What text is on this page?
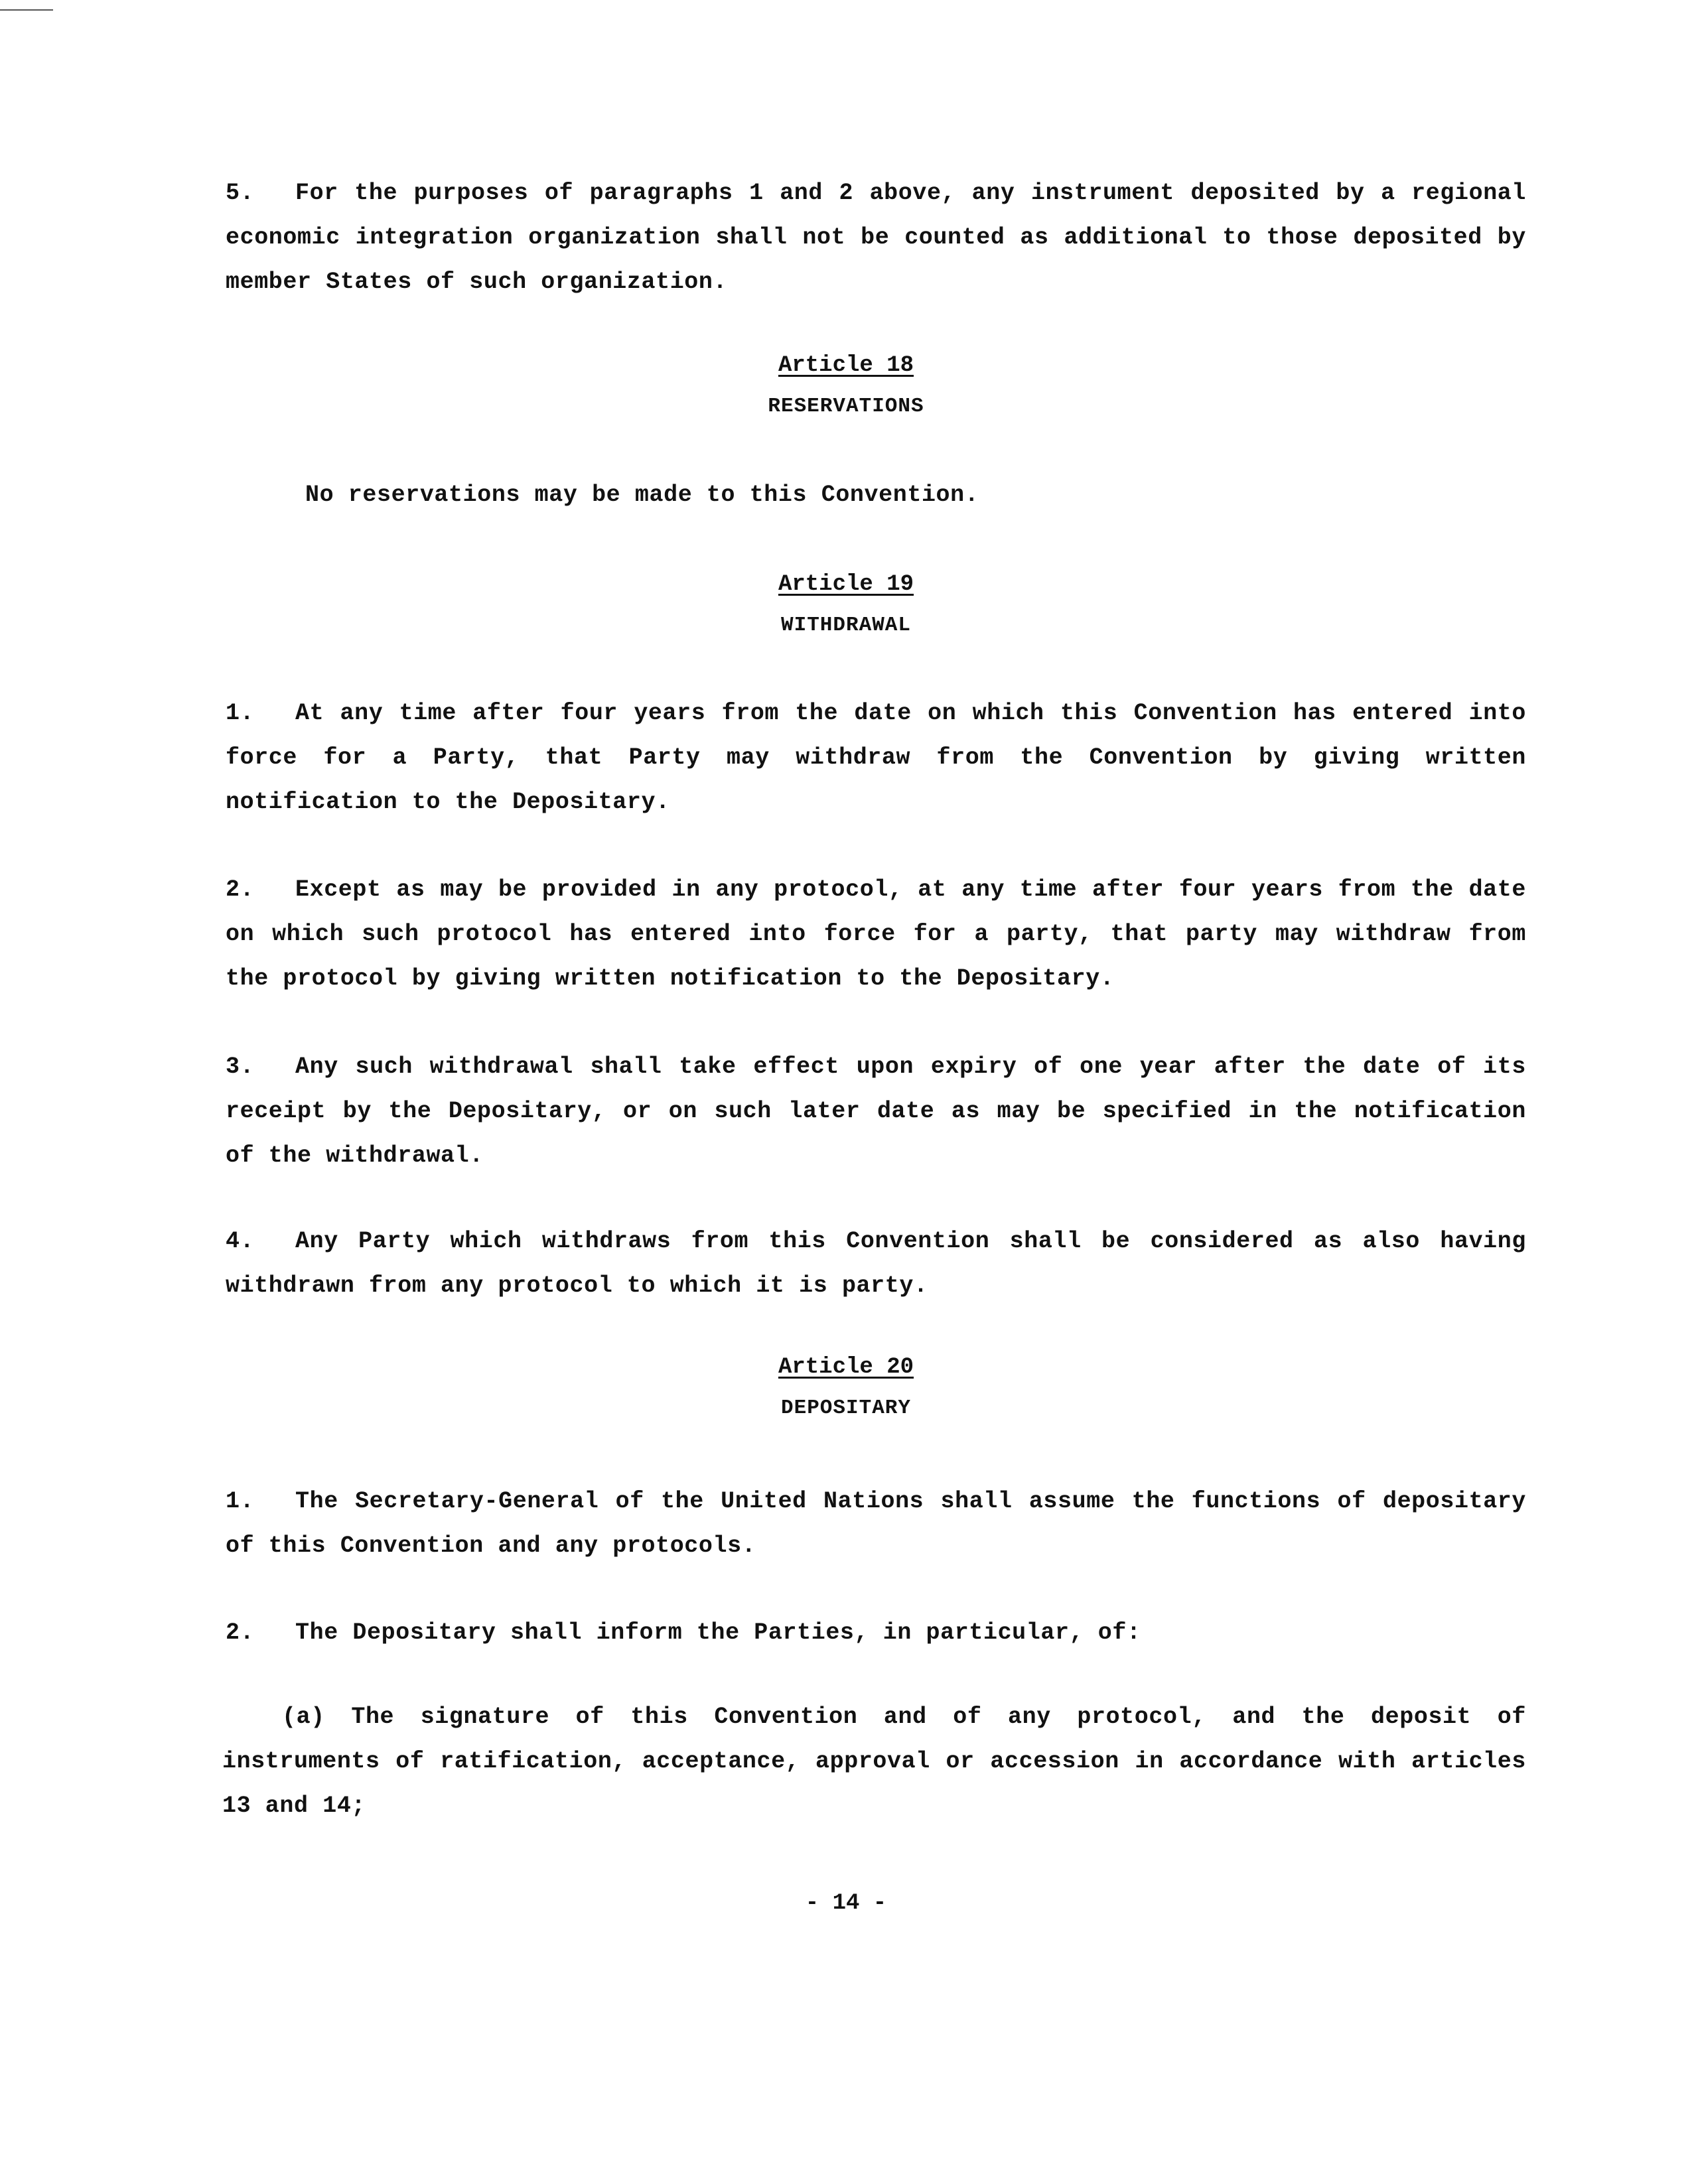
5. For the purposes of paragraphs 1 and 2 above, any instrument deposited by a regional economic integration organization shall not be counted as additional to those deposited by member States of such organization.

Article 18
RESERVATIONS

No reservations may be made to this Convention.

Article 19
WITHDRAWAL

1. At any time after four years from the date on which this Convention has entered into force for a Party, that Party may withdraw from the Convention by giving written notification to the Depositary.

2. Except as may be provided in any protocol, at any time after four years from the date on which such protocol has entered into force for a party, that party may withdraw from the protocol by giving written notification to the Depositary.

3. Any such withdrawal shall take effect upon expiry of one year after the date of its receipt by the Depositary, or on such later date as may be specified in the notification of the withdrawal.

4. Any Party which withdraws from this Convention shall be considered as also having withdrawn from any protocol to which it is party.

Article 20
DEPOSITARY

1. The Secretary-General of the United Nations shall assume the functions of depositary of this Convention and any protocols.

2. The Depositary shall inform the Parties, in particular, of:

(a) The signature of this Convention and of any protocol, and the deposit of instruments of ratification, acceptance, approval or accession in accordance with articles 13 and 14;

- 14 -
